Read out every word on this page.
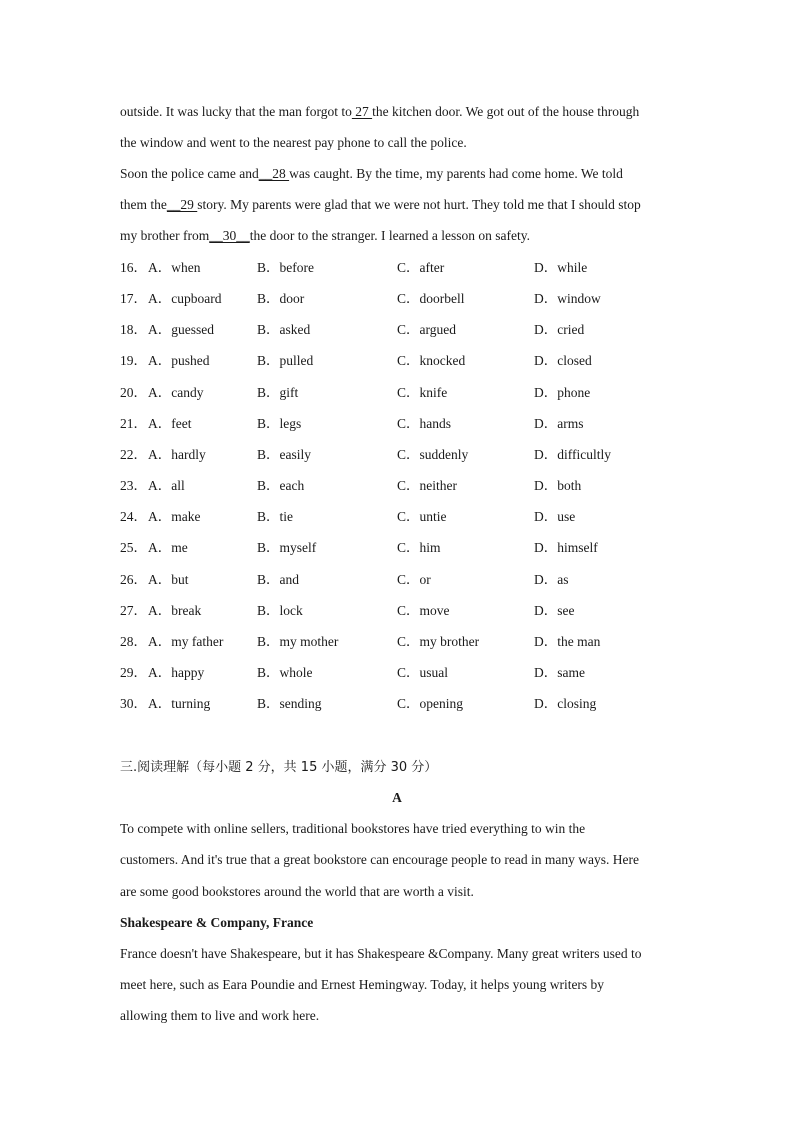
outside. It was lucky that the man forgot to 27 the kitchen door. We got out of the house through
the window and went to the nearest pay phone to call the police.
Soon the police came and__28 was caught. By the time, my parents had come home. We told
them the__29 story. My parents were glad that we were not hurt. They told me that I should stop
my brother from__30__the door to the stranger. I learned a lesson on safety.
16． A．when	B．before	C．after	D．while
17． A．cupboard	B．door	C．doorbell	D．window
18． A．guessed	B．asked	C．argued	D．cried
19． A．pushed	B．pulled	C．knocked	D．closed
20． A．candy	B．gift	C．knife	D．phone
21． A．feet	B．legs	C．hands	D．arms
22． A．hardly	B．easily	C．suddenly	D．difficultly
23． A．all	B．each	C．neither	D．both
24． A．make	B．tie	C．untie	D．use
25． A．me	B．myself	C．him	D．himself
26． A．but	B．and	C．or	D．as
27． A．break	B．lock	C．move	D．see
28． A．my father B．my mother	C．my brother	D．the man
29． A．happy	B．whole	C．usual	D．same
30． A．turning	B．sending	C．opening	D．closing
三.阅读理解（每小题 2 分，共 15 小题，满分 30 分）
A
To compete with online sellers, traditional bookstores have tried everything to win the
customers. And it's true that a great bookstore can encourage people to read in many ways. Here
are some good bookstores around the world that are worth a visit.
Shakespeare & Company, France
France doesn't have Shakespeare, but it has Shakespeare &Company. Many great writers used to
meet here, such as Eara Poundie and Ernest Hemingway. Today, it helps young writers by
allowing them to live and work here.
